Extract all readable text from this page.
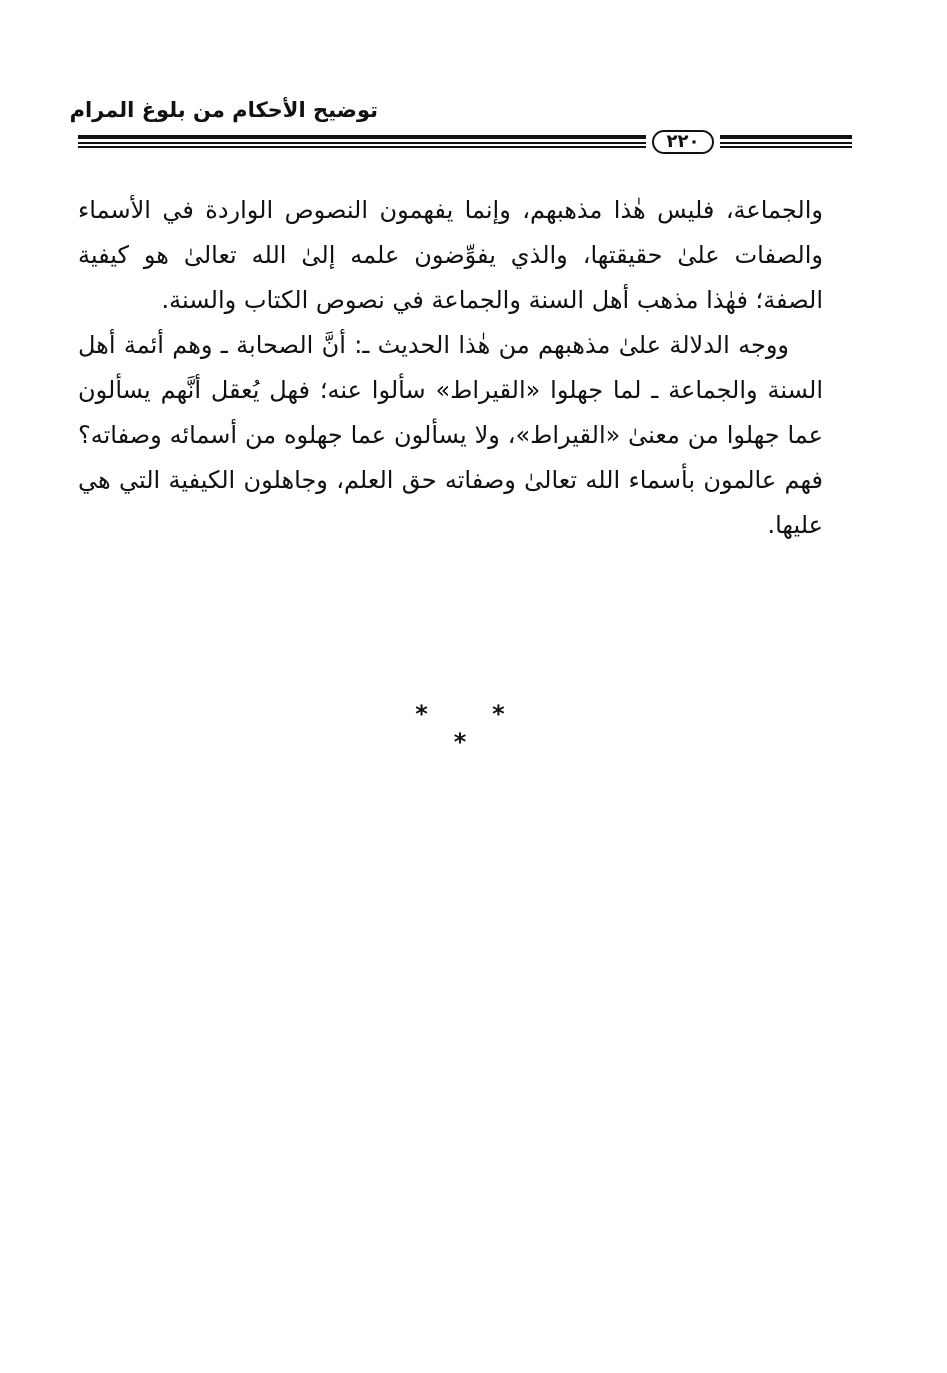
توضيح الأحكام من بلوغ المرام
٢٢٠

والجماعة، فليس هٰذا مذهبهم، وإنما يفهمون النصوص الواردة في الأسماء والصفات علىٰ حقيقتها، والذي يفوِّضون علمه إلىٰ الله تعالىٰ هو كيفية الصفة؛ فهٰذا مذهب أهل السنة والجماعة في نصوص الكتاب والسنة.

ووجه الدلالة علىٰ مذهبهم من هٰذا الحديث ـ: أنَّ الصحابة ـ وهم أئمة أهل السنة والجماعة ـ لما جهلوا «القيراط» سألوا عنه؛ فهل يُعقل أنَّهم يسألون عما جهلوا من معنىٰ «القيراط»، ولا يسألون عما جهلوه من أسمائه وصفاته؟ فهم عالمون بأسماء الله تعالىٰ وصفاته حق العلم، وجاهلون الكيفية التي هي عليها.

* * *
